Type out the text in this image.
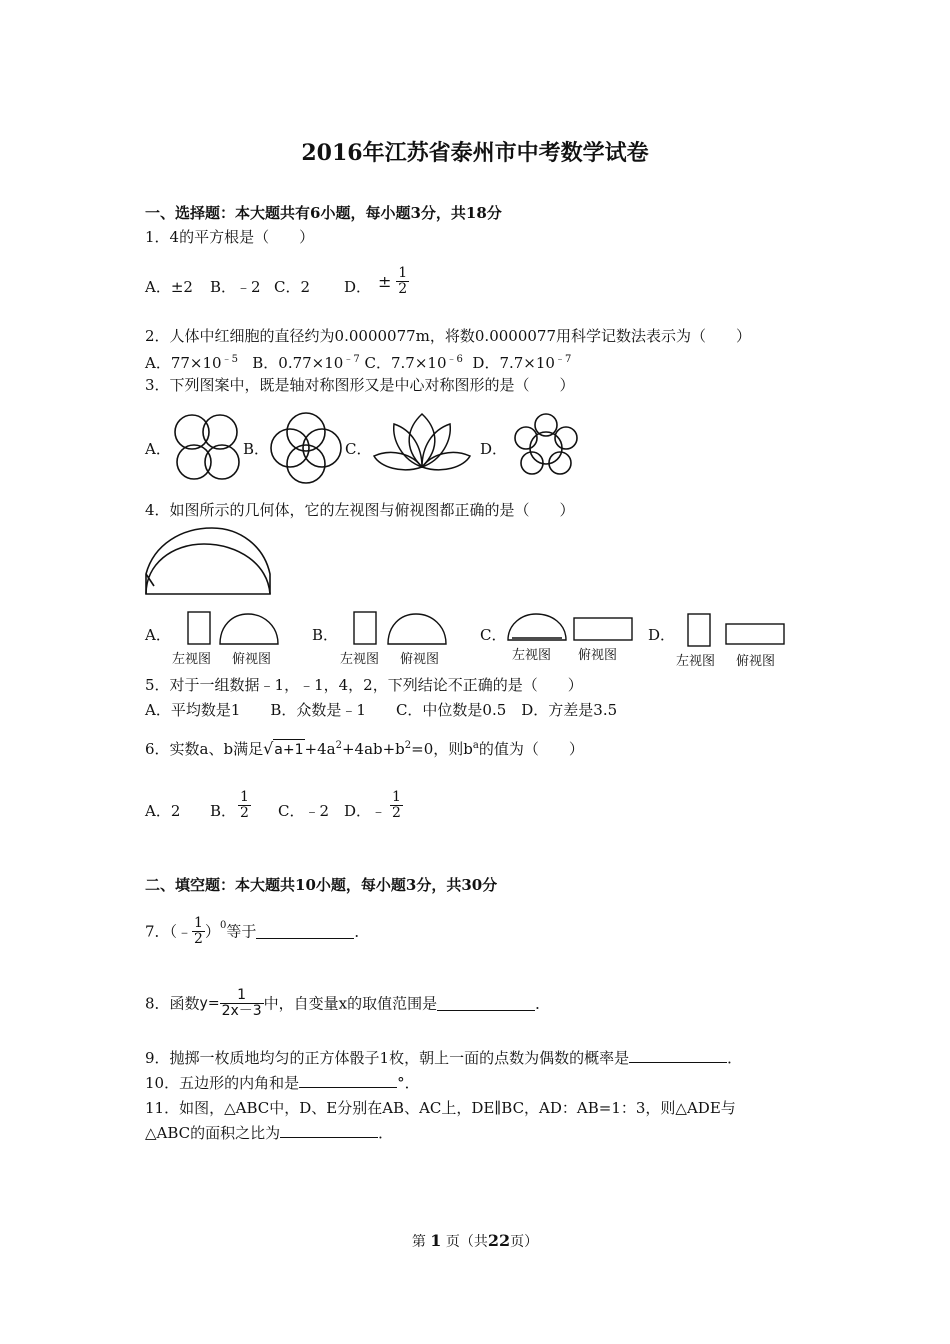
2016年江苏省泰州市中考数学试卷
一、选择题：本大题共有6小题，每小题3分，共18分
1．4的平方根是（　　）
A．±2 B．﹣2 C．2 D． ± $\frac{1}{2}$
2．人体中红细胞的直径约为0.0000077m，将数0.0000077用科学记数法表示为（　　）
A．$77\times 10^{﹣5}$ B．$0.77\times 10^{﹣7}$ C．$7.7\times 10^{﹣6}$ D．$7.7\times 10^{﹣7}$
3．下列图案中，既是轴对称图形又是中心对称图形的是（　　）
A．	B．	C．	D．
4．如图所示的几何体，它的左视图与俯视图都正确的是（　　）
A．
左视图 俯视图
B．
左视图 俯视图
C．
左视图 俯视图
D．
左视图 俯视图
5．对于一组数据﹣1，﹣1，4，2，下列结论不正确的是（　　）
A．平均数是1　　B．众数是﹣1　　C．中位数是0.5　D．方差是3.5
6．实数a、b满足$√a+1+4a^2+4ab+b^2=0$，则$b^a$的值为（　　）
A．2 B． $\frac{1}{2}$ C．﹣2 D．﹣ $\frac{1}{2}$
二、填空题：本大题共10小题，每小题3分，共30分
7．（﹣ $\frac{1}{2} )^0$等于	．
8．函数$y= \frac{1}{2x-3}$ 中，自变量x的取值范围是	．
9．抛掷一枚质地均匀的正方体骰子1枚，朝上一面的点数为偶数的概率是	．
10．五边形的内角和是	°．
11．如图，△ABC中，D、E分别在AB、AC上，DE∥BC，AD：AB=1：3，则△ADE与
△ABC的面积之比为	．
第 1 页（共22页）
